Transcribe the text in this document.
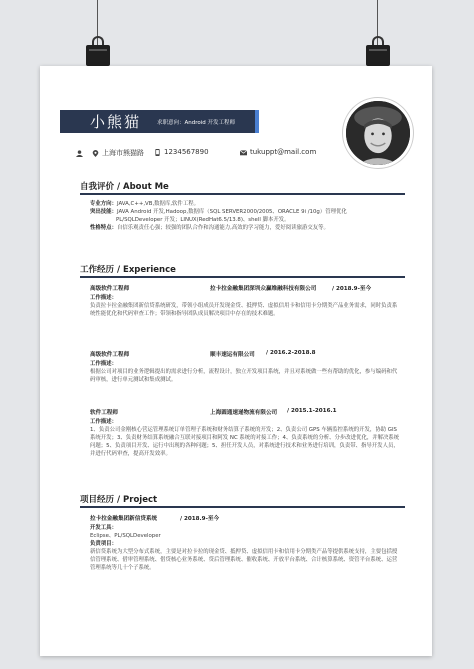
小熊猫	求职意向：Android 开发工程师
上海市熊猫路	1234567890	tukuppt@mail.com
自我评价 / About Me
专业方向：JAVA,C++,VB,数据库,软件工程。
突出技能：JAVA Android 开发,Hadoop,数据库（SQL SERVER2000/2005、ORACLE 9i /10g）管理优化
PL/SQLDeveloper 开发；LINUX(RedHat6.5/13.8)、shell 脚本开发。
性格特点：自信乐观责任心强；较强的团队合作和沟通能力,高效的学习能力，爱好阅读旅游交友等。
工作经历 / Experience
高级软件工程师	拉卡拉金融集团深圳众赢维融科技有限公司	/ 2018.9-至今
工作描述：
负责拉卡拉金融集团新信贷系统研发，带领小组成员开发现金贷、抵押贷、虚拟信用卡和信用卡分期类产品业务需求，同时负责系统性能优化和代码审查工作；带领和指导团队成员解决项目中存在的技术难题。
高级软件工程师	顺丰速运有限公司 / 2016.2-2018.8
工作描述：
根据公司对项目的业务逻辑提出的需求进行分析，流程设计，独立开发项目系统，并且对系统做一些有帮助的优化，参与编码和代码审核，进行单元测试和集成测试。
软件工程师	上海圆通速递物流有限公司 / 2015.1-2016.1
工作描述：
1、负责公司金刚核心营运管理系统订单管理子系统和财务结算子系统的开发；2、负责公司 GPS 车辆监控系统的开发，协助 GIS 系统开发；3、负责财务结算系统融合互联对接项目和阿发 NC 系统的对接工作；4、负责系统的分析、分步改进优化，并解决系统问题；5、负责项目开发、运行中出现的各种问题；5、担任开发人员，对系统进行技术和业务进行培训，负责带、指导开发人员，并进行代码审查，提高开发效率。
项目经历 / Project
拉卡拉金融集团新信贷系统	/ 2018.9-至今
开发工具：
Eclipse、PL/SQLDeveloper
负责项目：
新信贷系统为大型分布式系统，主要是对拉卡拉的现金贷、抵押贷、虚拟信用卡和信用卡分期类产品等提供系统支持，主要包括授信管理系统、借审管理系统、借贷核心业务系统、贷后管理系统、催收系统、开放平台系统、合计核算系统、资管平台系统、运营管理系统等几十个子系统。
